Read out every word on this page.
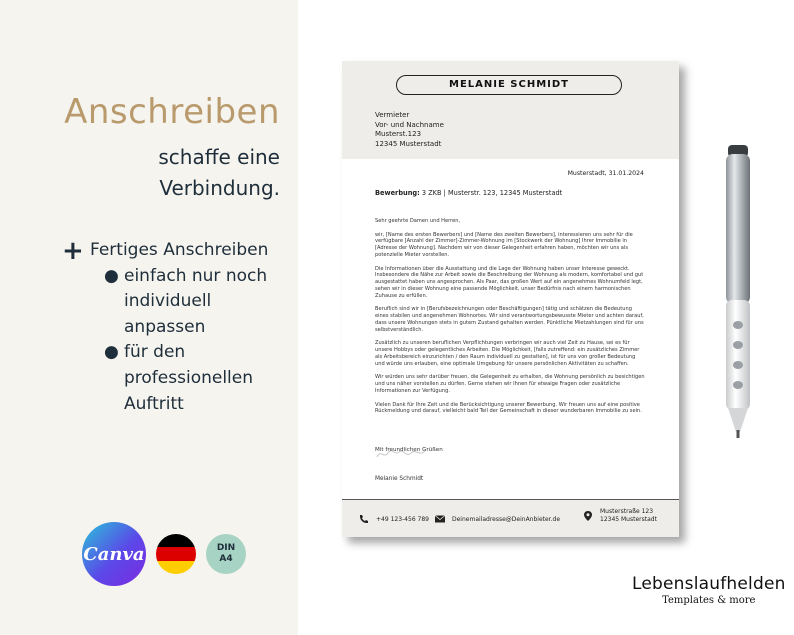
Anschreiben
schaffe eine
Verbindung.
+ Fertiges Anschreiben
● einfach nur noch
individuell
anpassen
● für den
professionellen
Auftritt
Canva	DIN
A4
MELANIE SCHMIDT
Vermieter
Vor- und Nachname
Musterst.123
12345 Musterstadt
Musterstadt, 31.01.2024
Bewerbung: 3 ZKB | Musterstr. 123, 12345 Musterstadt

Sehr geehrte Damen und Herren,

wir, [Name des ersten Bewerbers] und [Name des zweiten Bewerbers], interessieren uns sehr für die verfügbare [Anzahl der Zimmer]-Zimmer-Wohnung im [Stockwerk der Wohnung] Ihrer Immobilie in [Adresse der Wohnung]. Nachdem wir von dieser Gelegenheit erfahren haben, möchten wir uns als potenzielle Mieter vorstellen.

Die Informationen über die Ausstattung und die Lage der Wohnung haben unser Interesse geweckt. Insbesondere die Nähe zur Arbeit sowie die Beschreibung der Wohnung als modern, komfortabel und gut ausgestattet haben uns angesprochen. Als Paar, das großen Wert auf ein angenehmes Wohnumfeld legt, sehen wir in dieser Wohnung eine passende Möglichkeit, unser Bedürfnis nach einem harmonischen Zuhause zu erfüllen.

Beruflich sind wir in [Berufsbezeichnungen oder Beschäftigungen] tätig und schätzen die Bedeutung eines stabilen und angenehmen Wohnortes. Wir sind verantwortungsbewusste Mieter und achten darauf, dass unsere Wohnungen stets in gutem Zustand gehalten werden. Pünktliche Mietzahlungen sind für uns selbstverständlich.

Zusätzlich zu unseren beruflichen Verpflichtungen verbringen wir auch viel Zeit zu Hause, sei es für unsere Hobbys oder gelegentliches Arbeiten. Die Möglichkeit, [falls zutreffend: ein zusätzliches Zimmer als Arbeitsbereich einzurichten / den Raum individuell zu gestalten], ist für uns von großer Bedeutung und würde uns erlauben, eine optimale Umgebung für unsere persönlichen Aktivitäten zu schaffen.

Wir würden uns sehr darüber freuen, die Gelegenheit zu erhalten, die Wohnung persönlich zu besichtigen und uns näher vorstellen zu dürfen. Gerne stehen wir Ihnen für etwaige Fragen oder zusätzliche Informationen zur Verfügung.

Vielen Dank für Ihre Zeit und die Berücksichtigung unserer Bewerbung. Wir freuen uns auf eine positive Rückmeldung und darauf, vielleicht bald Teil der Gemeinschaft in dieser wunderbaren Immobilie zu sein.

Mit freundlichen Grüßen
Melanie Schmidt
+49 123-456 789	Deinemailadresse@DeinAnbieter.de
Musterstraße 123
12345 Musterstadt
Lebenslaufhelden
Templates & more
